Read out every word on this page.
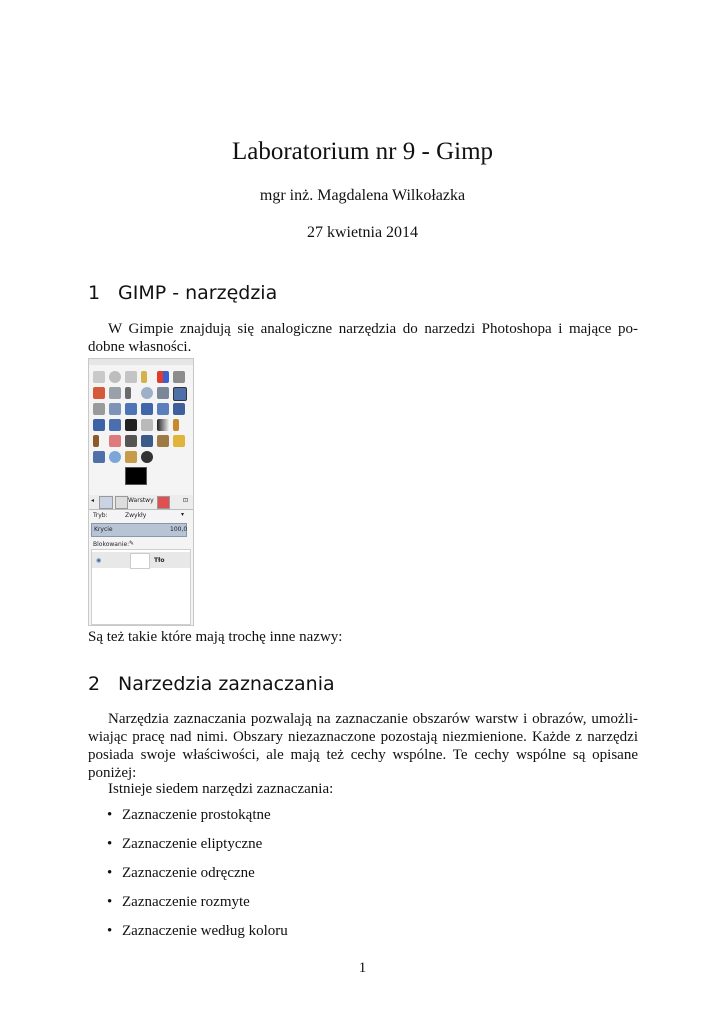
Laboratorium nr 9 - Gimp
mgr inż. Magdalena Wilkołazka
27 kwietnia 2014
1 GIMP - narzędzia
W Gimpie znajdują się analogiczne narzędzia do narzedzi Photoshopa i mające po-
dobne własności.
◂	Warstwy	⊡
Tryb:	Zwykły	▾
Krycie	100,0
Blokowanie: ✎
◉	Tło
Są też takie które mają trochę inne nazwy:
2 Narzedzia zaznaczania
Narzędzia zaznaczania pozwalają na zaznaczanie obszarów warstw i obrazów, umożli-
wiając pracę nad nimi. Obszary niezaznaczone pozostają niezmienione. Każde z narzędzi
posiada swoje właściwości, ale mają też cechy wspólne. Te cechy wspólne są opisane
poniżej:
Istnieje siedem narzędzi zaznaczania:
• Zaznaczenie prostokątne
• Zaznaczenie eliptyczne
• Zaznaczenie odręczne
• Zaznaczenie rozmyte
• Zaznaczenie według koloru
1
